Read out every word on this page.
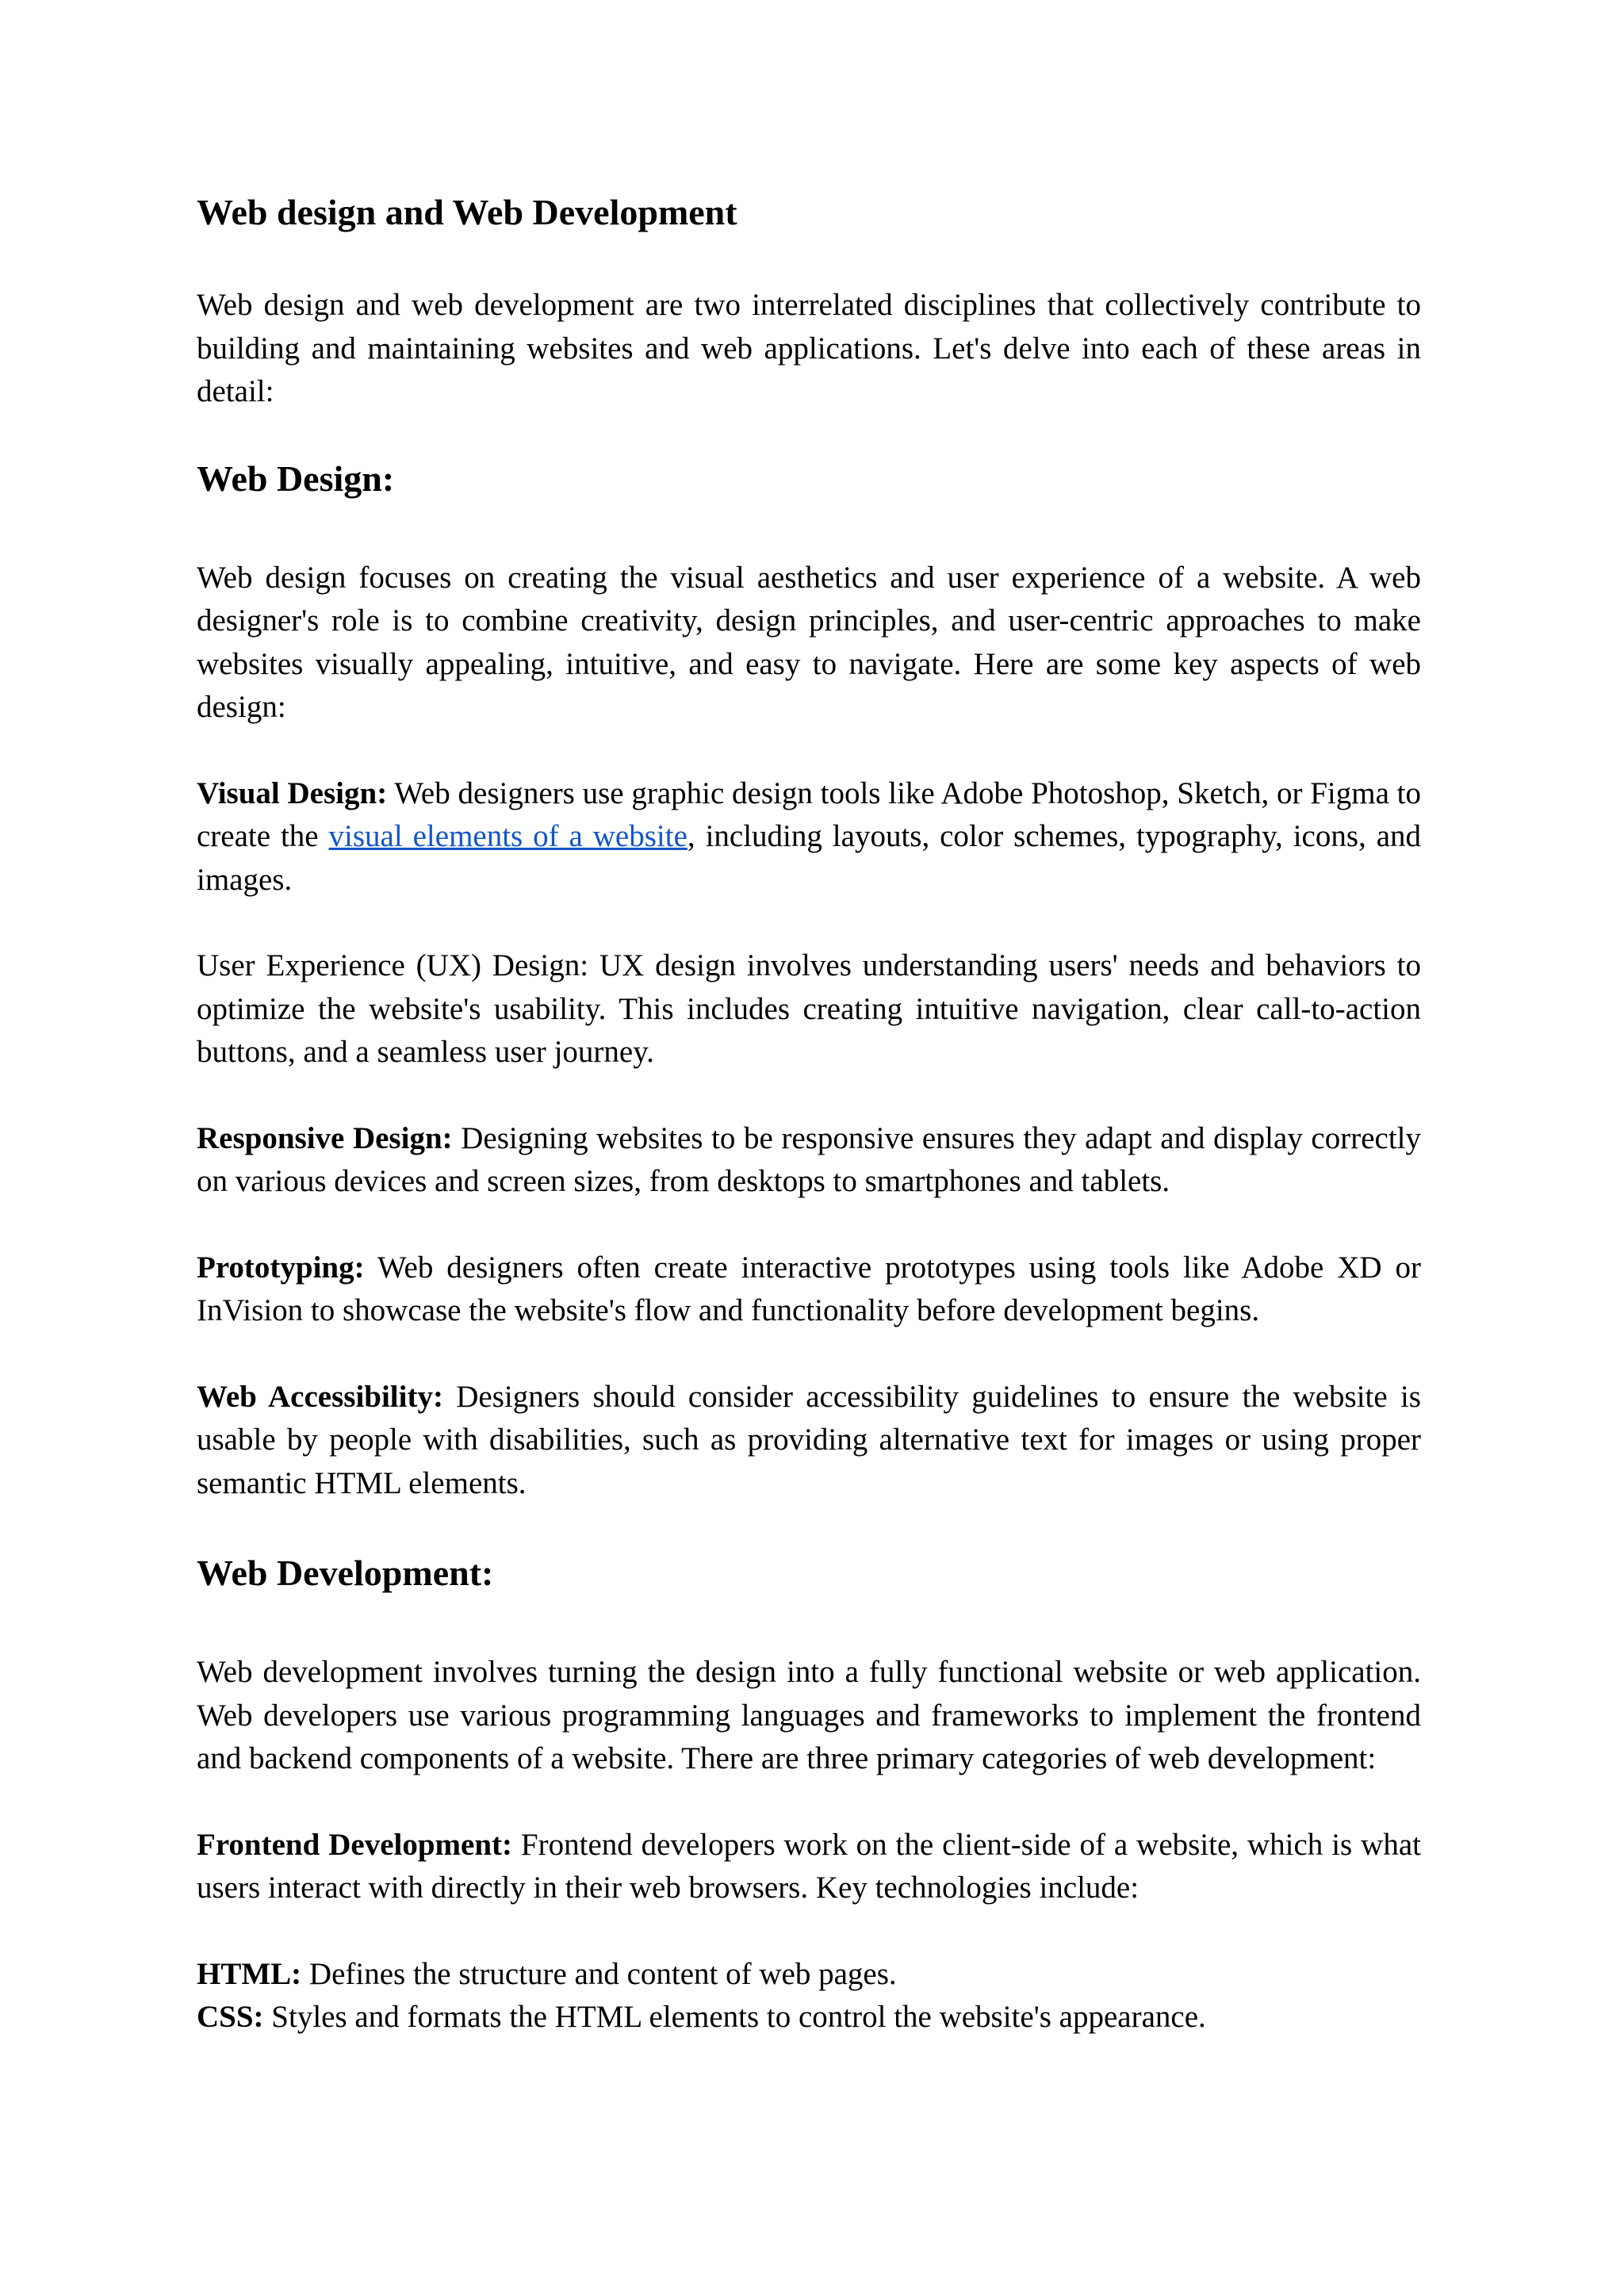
Web design and Web Development

Web design and web development are two interrelated disciplines that collectively contribute to building and maintaining websites and web applications. Let's delve into each of these areas in detail:

Web Design:

Web design focuses on creating the visual aesthetics and user experience of a website. A web designer's role is to combine creativity, design principles, and user-centric approaches to make websites visually appealing, intuitive, and easy to navigate. Here are some key aspects of web design:

Visual Design: Web designers use graphic design tools like Adobe Photoshop, Sketch, or Figma to create the visual elements of a website, including layouts, color schemes, typography, icons, and images.

User Experience (UX) Design: UX design involves understanding users' needs and behaviors to optimize the website's usability. This includes creating intuitive navigation, clear call-to-action buttons, and a seamless user journey.

Responsive Design: Designing websites to be responsive ensures they adapt and display correctly on various devices and screen sizes, from desktops to smartphones and tablets.

Prototyping: Web designers often create interactive prototypes using tools like Adobe XD or InVision to showcase the website's flow and functionality before development begins.

Web Accessibility: Designers should consider accessibility guidelines to ensure the website is usable by people with disabilities, such as providing alternative text for images or using proper semantic HTML elements.

Web Development:

Web development involves turning the design into a fully functional website or web application. Web developers use various programming languages and frameworks to implement the frontend and backend components of a website. There are three primary categories of web development:

Frontend Development: Frontend developers work on the client-side of a website, which is what users interact with directly in their web browsers. Key technologies include:

HTML: Defines the structure and content of web pages.

CSS: Styles and formats the HTML elements to control the website's appearance.
